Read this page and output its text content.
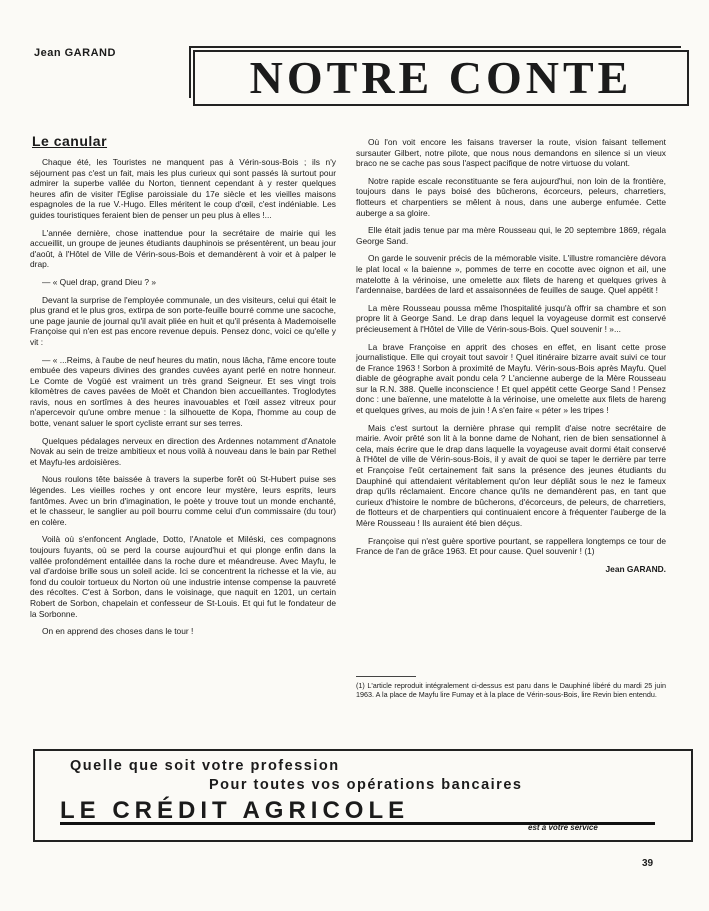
Jean GARAND	NOTRE CONTE
Le canular

Chaque été, les Touristes ne manquent pas à Vérin-sous-Bois ; ils n'y séjournent pas c'est un fait, mais les plus curieux qui sont passés là surtout pour admirer la superbe vallée du Norton, tiennent cependant à y rester quelques heures afin de visiter l'Eglise paroissiale du 17e siècle et les vieilles maisons espagnoles de la rue V.-Hugo. Elles méritent le coup d'œil, c'est indéniable. Les guides touristiques feraient bien de penser un peu plus à elles !...

L'année dernière, chose inattendue pour la secrétaire de mairie qui les accueillit, un groupe de jeunes étudiants dauphinois se présentèrent, un beau jour d'août, à l'Hôtel de Ville de Vérin-sous-Bois et demandèrent à voir et à palper le drap.

— « Quel drap, grand Dieu ? »

Devant la surprise de l'employée communale, un des visiteurs, celui qui était le plus grand et le plus gros, extirpa de son porte-feuille bourré comme une sacoche, une page jaunie de journal qu'il avait pliée en huit et qu'il présenta à Mademoiselle Françoise qui n'en est pas encore revenue depuis. Pensez donc, voici ce qu'elle y vit :

— « ...Reims, à l'aube de neuf heures du matin, nous lâcha, l'âme encore toute embuée des vapeurs divines des grandes cuvées ayant perlé en notre honneur. Le Comte de Vogüé est vraiment un très grand Seigneur. Et ses vingt trois kilomètres de caves pavées de Moët et Chandon bien accueillantes. Troglodytes ravis, nous en sortîmes à des heures inavouables et l'œil assez vitreux pour n'apercevoir qu'une ombre menue : la silhouette de Kopa, l'homme au coup de botte, venant saluer le sport cycliste errant sur ses terres.

Quelques pédalages nerveux en direction des Ardennes notamment d'Anatole Novak au sein de treize ambitieux et nous voilà à nouveau dans le bain par Rethel et Mayfu-les ardoisières.

Nous roulons tête baissée à travers la superbe forêt où St-Hubert puise ses légendes. Les vieilles roches y ont encore leur mystère, leurs esprits, leurs fantômes. Avec un brin d'imagination, le poète y trouve tout un monde enchanté, et le chasseur, le sanglier au poil bourru comme celui d'un commissaire (du tour) en colère.

Voilà où s'enfoncent Anglade, Dotto, l'Anatole et Miléski, ces compagnons toujours fuyants, où se perd la course aujourd'hui et qui plonge enfin dans la vallée profondément entaillée dans la roche dure et méandreuse. Avec Mayfu, le val d'ardoise brille sous un soleil acide. Ici se concentrent la richesse et la vie, au fond du couloir tortueux du Norton où une industrie intense compense la pauvreté des récoltes. C'est à Sorbon, dans le voisinage, que naquit en 1201, un certain Robert de Sorbon, chapelain et confesseur de St-Louis. Et qui fut le fondateur de la Sorbonne.

On en apprend des choses dans le tour !

Où l'on voit encore les faisans traverser la route, vision faisant tellement sursauter Gilbert, notre pilote, que nous nous demandons en silence si un vieux braco ne se cache pas sous l'aspect pacifique de notre virtuose du volant.

Notre rapide escale reconstituante se fera aujourd'hui, non loin de la frontière, toujours dans le pays boisé des bûcherons, écorceurs, peleurs, charretiers, flotteurs et charpentiers se mêlent à nous, dans une auberge enfumée. Cette auberge a sa gloire.

Elle était jadis tenue par ma mère Rousseau qui, le 20 septembre 1869, régala George Sand.

On garde le souvenir précis de la mémorable visite. L'illustre romancière dévora le plat local « la baienne », pommes de terre en cocotte avec oignon et ail, une matelotte à la vérinoise, une omelette aux filets de hareng et quelques grives à l'ardennaise, bardées de lard et assaisonnées de feuilles de sauge. Quel appétit !

La mère Rousseau poussa même l'hospitalité jusqu'à offrir sa chambre et son propre lit à George Sand. Le drap dans lequel la voyageuse dormit est conservé précieusement à l'Hôtel de Ville de Vérin-sous-Bois. Quel souvenir ! »...

La brave Françoise en apprit des choses en effet, en lisant cette prose journalistique. Elle qui croyait tout savoir ! Quel itinéraire bizarre avait suivi ce tour de France 1963 ! Sorbon à proximité de Mayfu. Vérin-sous-Bois après Mayfu. Quel diable de géographe avait pondu cela ? L'ancienne auberge de la Mère Rousseau sur la R.N. 388. Quelle inconscience ! Et quel appétit cette George Sand ! Pensez donc : une baïenne, une matelotte à la vérinoise, une omelette aux filets de hareng et quelques grives, au mois de juin ! A s'en faire « péter » les tripes !

Mais c'est surtout la dernière phrase qui remplit d'aise notre secrétaire de mairie. Avoir prêté son lit à la bonne dame de Nohant, rien de bien sensationnel à cela, mais écrire que le drap dans laquelle la voyageuse avait dormi était conservé à l'Hôtel de ville de Vérin-sous-Bois, il y avait de quoi se taper le derrière par terre et Françoise l'eût certainement fait sans la présence des jeunes étudiants du Dauphiné qui attendaient véritablement qu'on leur dépliât sous le nez le fameux drap qu'ils réclamaient. Encore chance qu'ils ne demandèrent pas, en tant que curieux d'histoire le nombre de bûcherons, d'écorceurs, de peleurs, de charretiers, de flotteurs et de charpentiers qui continuaient encore à fréquenter l'auberge de la Mère Rousseau ! Ils auraient été bien déçus.

Françoise qui n'est guère sportive pourtant, se rappellera longtemps ce tour de France de l'an de grâce 1963. Et pour cause. Quel souvenir ! (1)

Jean GARAND.
(1) L'article reproduit intégralement ci-dessus est paru dans le Dauphiné libéré du mardi 25 juin 1963. A la place de Mayfu lire Fumay et à la place de Vérin-sous-Bois, lire Revin bien entendu.
Quelle que soit votre profession
Pour toutes vos opérations bancaires
LE CRÉDIT AGRICOLE
est à votre service
39
